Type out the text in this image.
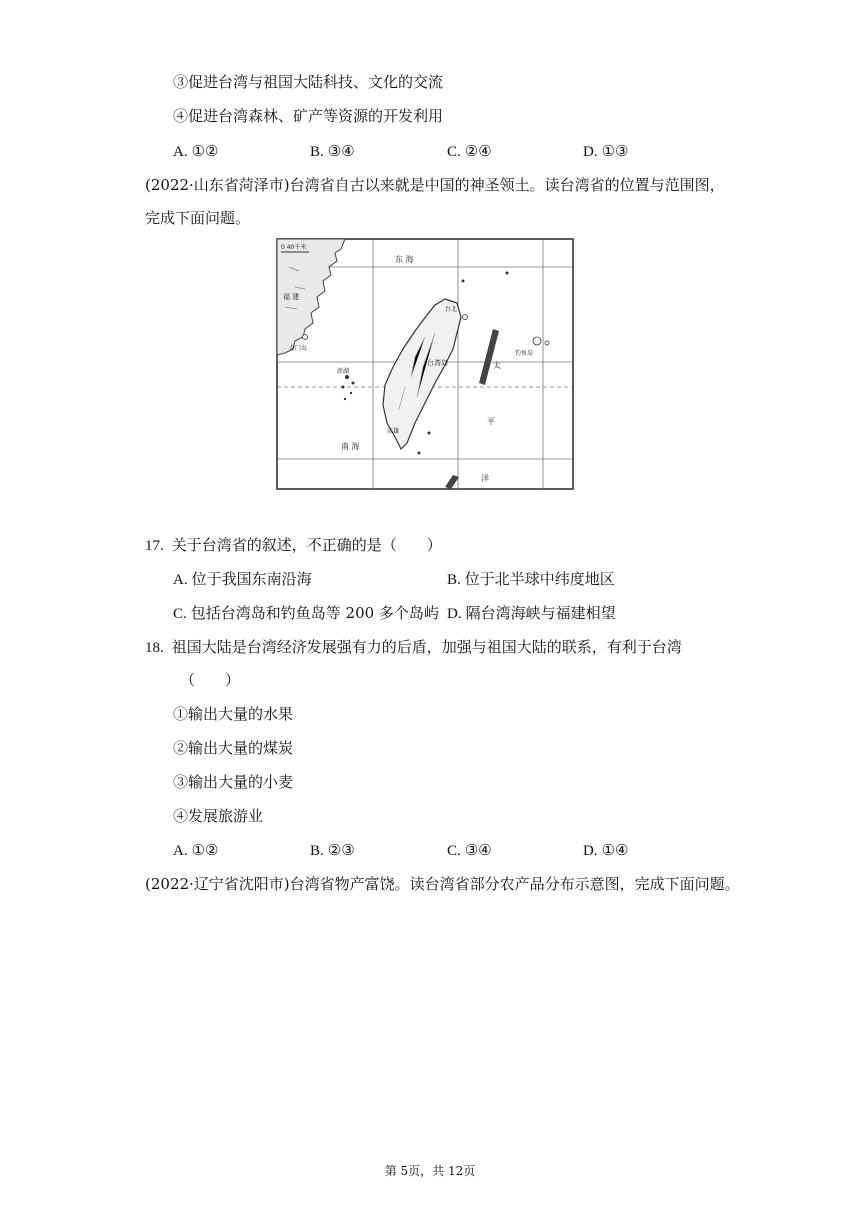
③促进台湾与祖国大陆科技、文化的交流
④促进台湾森林、矿产等资源的开发利用
A. ①②	B. ③④	C. ②④	D. ①③
(2022·山东省菏泽市)台湾省自古以来就是中国的神圣领土。读台湾省的位置与范围图，
完成下面问题。
东 海
台湾岛	太
平
洋
南 海
金门岛
福 建
钓鱼岛
澎湖
台北
高雄
0 40千米
17. 关于台湾省的叙述，不正确的是（　　）
A. 位于我国东南沿海	B. 位于北半球中纬度地区
C. 包括台湾岛和钓鱼岛等 200 多个岛屿 D. 隔台湾海峡与福建相望
18. 祖国大陆是台湾经济发展强有力的后盾，加强与祖国大陆的联系，有利于台湾
（　　）
①输出大量的水果
②输出大量的煤炭
③输出大量的小麦
④发展旅游业
A. ①②	B. ②③	C. ③④	D. ①④
(2022·辽宁省沈阳市)台湾省物产富饶。读台湾省部分农产品分布示意图，完成下面问题。
第 5页，共 12页
